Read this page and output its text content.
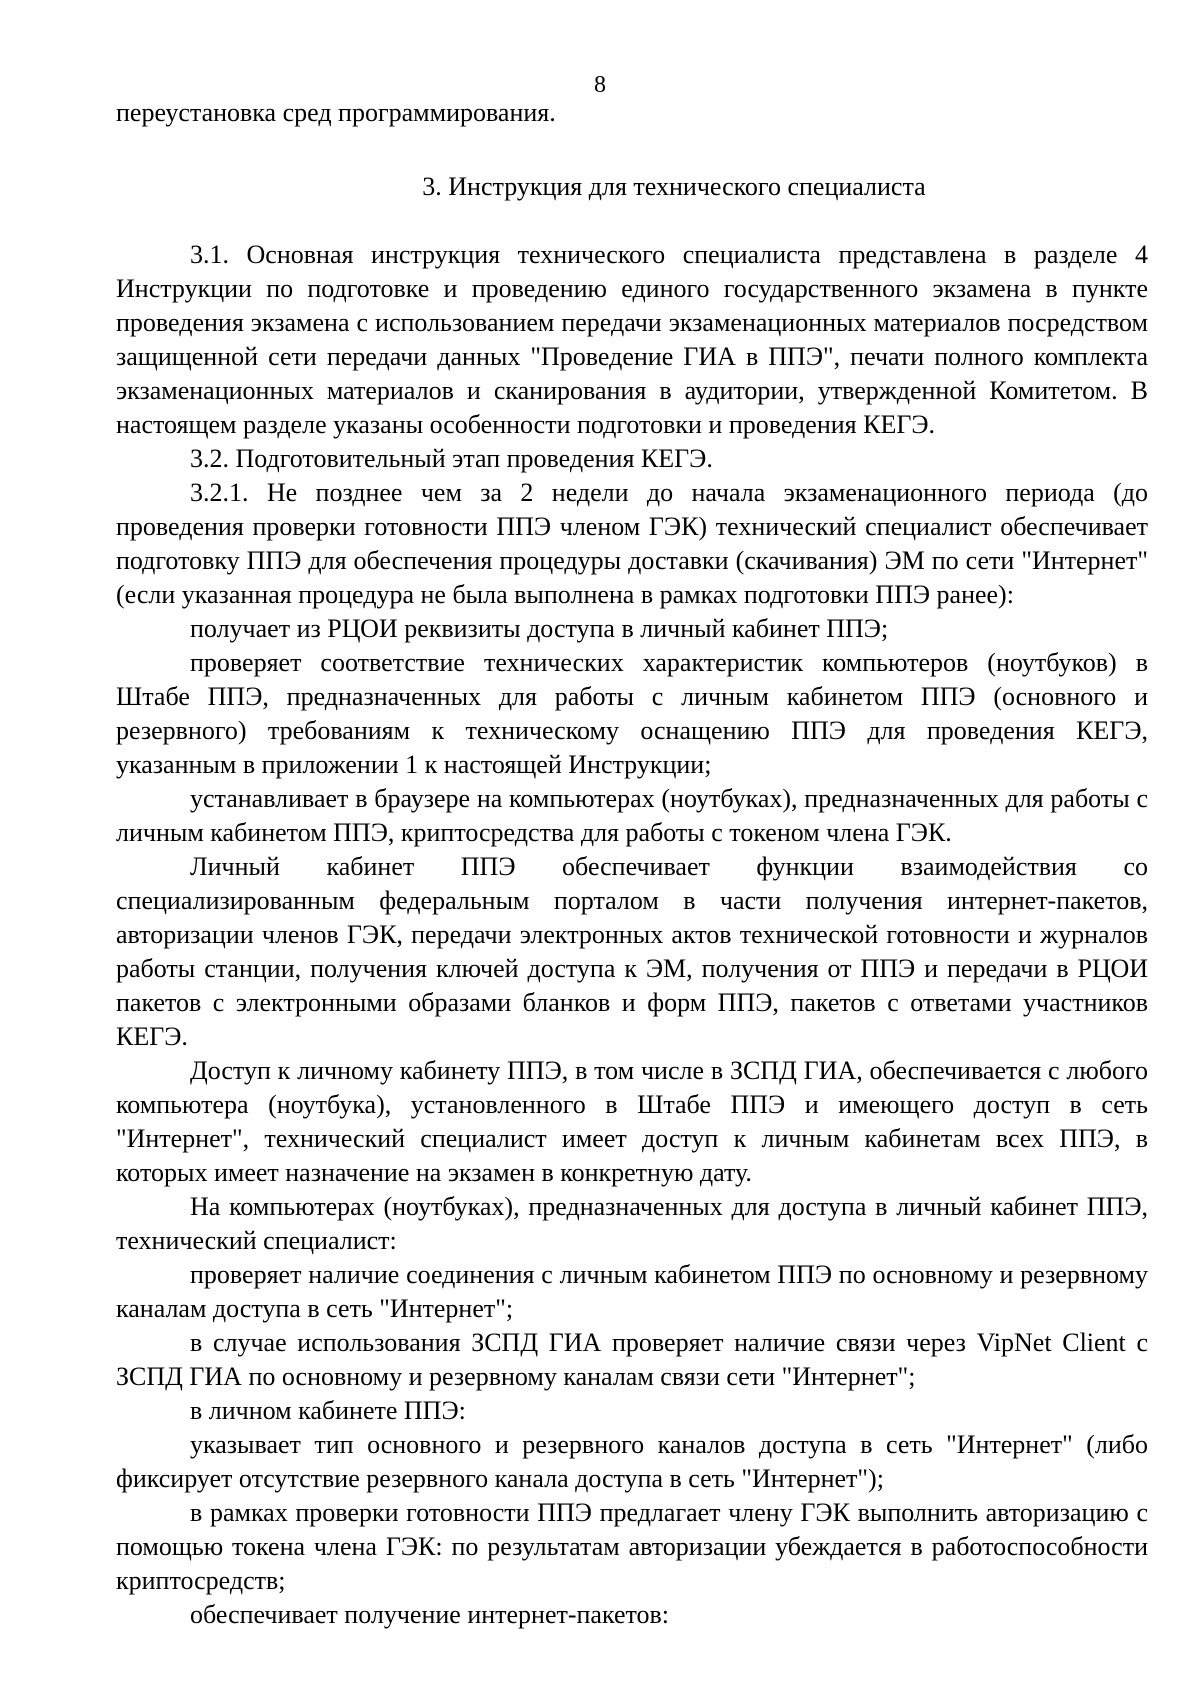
8

переустановка сред программирования.

3. Инструкция для технического специалиста

3.1. Основная инструкция технического специалиста представлена в разделе 4 Инструкции по подготовке и проведению единого государственного экзамена в пункте проведения экзамена с использованием передачи экзаменационных материалов посредством защищенной сети передачи данных "Проведение ГИА в ППЭ", печати полного комплекта экзаменационных материалов и сканирования в аудитории, утвержденной Комитетом. В настоящем разделе указаны особенности подготовки и проведения КЕГЭ.

3.2. Подготовительный этап проведения КЕГЭ.

3.2.1. Не позднее чем за 2 недели до начала экзаменационного периода (до проведения проверки готовности ППЭ членом ГЭК) технический специалист обеспечивает подготовку ППЭ для обеспечения процедуры доставки (скачивания) ЭМ по сети "Интернет" (если указанная процедура не была выполнена в рамках подготовки ППЭ ранее):

получает из РЦОИ реквизиты доступа в личный кабинет ППЭ;

проверяет соответствие технических характеристик компьютеров (ноутбуков) в Штабе ППЭ, предназначенных для работы с личным кабинетом ППЭ (основного и резервного) требованиям к техническому оснащению ППЭ для проведения КЕГЭ, указанным в приложении 1 к настоящей Инструкции;

устанавливает в браузере на компьютерах (ноутбуках), предназначенных для работы с личным кабинетом ППЭ, криптосредства для работы с токеном члена ГЭК.

Личный кабинет ППЭ обеспечивает функции взаимодействия со специализированным федеральным порталом в части получения интернет-пакетов, авторизации членов ГЭК, передачи электронных актов технической готовности и журналов работы станции, получения ключей доступа к ЭМ, получения от ППЭ и передачи в РЦОИ пакетов с электронными образами бланков и форм ППЭ, пакетов с ответами участников КЕГЭ.

Доступ к личному кабинету ППЭ, в том числе в ЗСПД ГИА, обеспечивается с любого компьютера (ноутбука), установленного в Штабе ППЭ и имеющего доступ в сеть "Интернет", технический специалист имеет доступ к личным кабинетам всех ППЭ, в которых имеет назначение на экзамен в конкретную дату.

На компьютерах (ноутбуках), предназначенных для доступа в личный кабинет ППЭ, технический специалист:

проверяет наличие соединения с личным кабинетом ППЭ по основному и резервному каналам доступа в сеть "Интернет";

в случае использования ЗСПД ГИА проверяет наличие связи через VipNet Client с ЗСПД ГИА по основному и резервному каналам связи сети "Интернет";

в личном кабинете ППЭ:

указывает тип основного и резервного каналов доступа в сеть "Интернет" (либо фиксирует отсутствие резервного канала доступа в сеть "Интернет");

в рамках проверки готовности ППЭ предлагает члену ГЭК выполнить авторизацию с помощью токена члена ГЭК: по результатам авторизации убеждается в работоспособности криптосредств;

обеспечивает получение интернет-пакетов:
